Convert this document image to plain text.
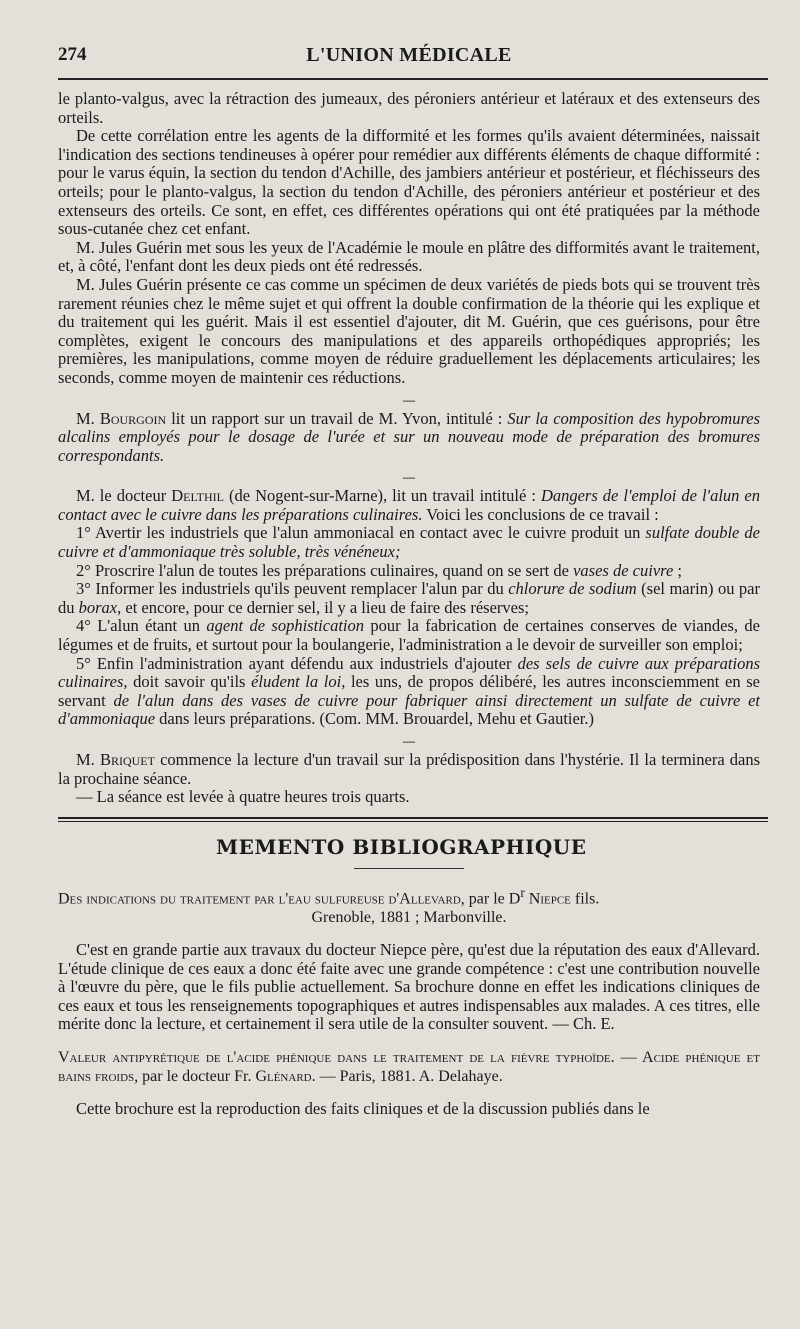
274	L'UNION MÉDICALE

le planto-valgus, avec la rétraction des jumeaux, des péroniers antérieur et latéraux et des extenseurs des orteils.

De cette corrélation entre les agents de la difformité et les formes qu'ils avaient déterminées, naissait l'indication des sections tendineuses à opérer pour remédier aux différents éléments de chaque difformité : pour le varus équin, la section du tendon d'Achille, des jambiers antérieur et postérieur, et fléchisseurs des orteils; pour le planto-valgus, la section du tendon d'Achille, des péroniers antérieur et postérieur et des extenseurs des orteils. Ce sont, en effet, ces différentes opérations qui ont été pratiquées par la méthode sous-cutanée chez cet enfant.

M. Jules Guérin met sous les yeux de l'Académie le moule en plâtre des difformités avant le traitement, et, à côté, l'enfant dont les deux pieds ont été redressés.

M. Jules Guérin présente ce cas comme un spécimen de deux variétés de pieds bots qui se trouvent très rarement réunies chez le même sujet et qui offrent la double confirmation de la théorie qui les explique et du traitement qui les guérit. Mais il est essentiel d'ajouter, dit M. Guérin, que ces guérisons, pour être complètes, exigent le concours des manipulations et des appareils orthopédiques appropriés; les premières, les manipulations, comme moyen de réduire graduellement les déplacements articulaires; les seconds, comme moyen de maintenir ces réductions.

—

M. Bourgoin lit un rapport sur un travail de M. Yvon, intitulé : Sur la composition des hypobromures alcalins employés pour le dosage de l'urée et sur un nouveau mode de préparation des bromures correspondants.

—

M. le docteur Delthil (de Nogent-sur-Marne), lit un travail intitulé : Dangers de l'emploi de l'alun en contact avec le cuivre dans les préparations culinaires. Voici les conclusions de ce travail :

1° Avertir les industriels que l'alun ammoniacal en contact avec le cuivre produit un sulfate double de cuivre et d'ammoniaque très soluble, très vénéneux;

2° Proscrire l'alun de toutes les préparations culinaires, quand on se sert de vases de cuivre ;

3° Informer les industriels qu'ils peuvent remplacer l'alun par du chlorure de sodium (sel marin) ou par du borax, et encore, pour ce dernier sel, il y a lieu de faire des réserves;

4° L'alun étant un agent de sophistication pour la fabrication de certaines conserves de viandes, de légumes et de fruits, et surtout pour la boulangerie, l'administration a le devoir de surveiller son emploi;

5° Enfin l'administration ayant défendu aux industriels d'ajouter des sels de cuivre aux préparations culinaires, doit savoir qu'ils éludent la loi, les uns, de propos délibéré, les autres inconsciemment en se servant de l'alun dans des vases de cuivre pour fabriquer ainsi directement un sulfate de cuivre et d'ammoniaque dans leurs préparations. (Com. MM. Brouardel, Mehu et Gautier.)

—

M. Briquet commence la lecture d'un travail sur la prédisposition dans l'hystérie. Il la terminera dans la prochaine séance.

— La séance est levée à quatre heures trois quarts.

MEMENTO BIBLIOGRAPHIQUE

Des indications du traitement par l'eau sulfureuse d'Allevard, par le $D^r$ Niepce fils.

Grenoble, 1881 ; Marbonville.

C'est en grande partie aux travaux du docteur Niepce père, qu'est due la réputation des eaux d'Allevard. L'étude clinique de ces eaux a donc été faite avec une grande compétence : c'est une contribution nouvelle à l'œuvre du père, que le fils publie actuellement. Sa brochure donne en effet les indications cliniques de ces eaux et tous les renseignements topographiques et autres indispensables aux malades. A ces titres, elle mérite donc la lecture, et certainement il sera utile de la consulter souvent. — Ch. E.

Valeur antipyrétique de l'acide phénique dans le traitement de la fièvre typhoïde. — Acide phénique et bains froids, par le docteur Fr. Glénard. — Paris, 1881. A. Delahaye.

Cette brochure est la reproduction des faits cliniques et de la discussion publiés dans le
